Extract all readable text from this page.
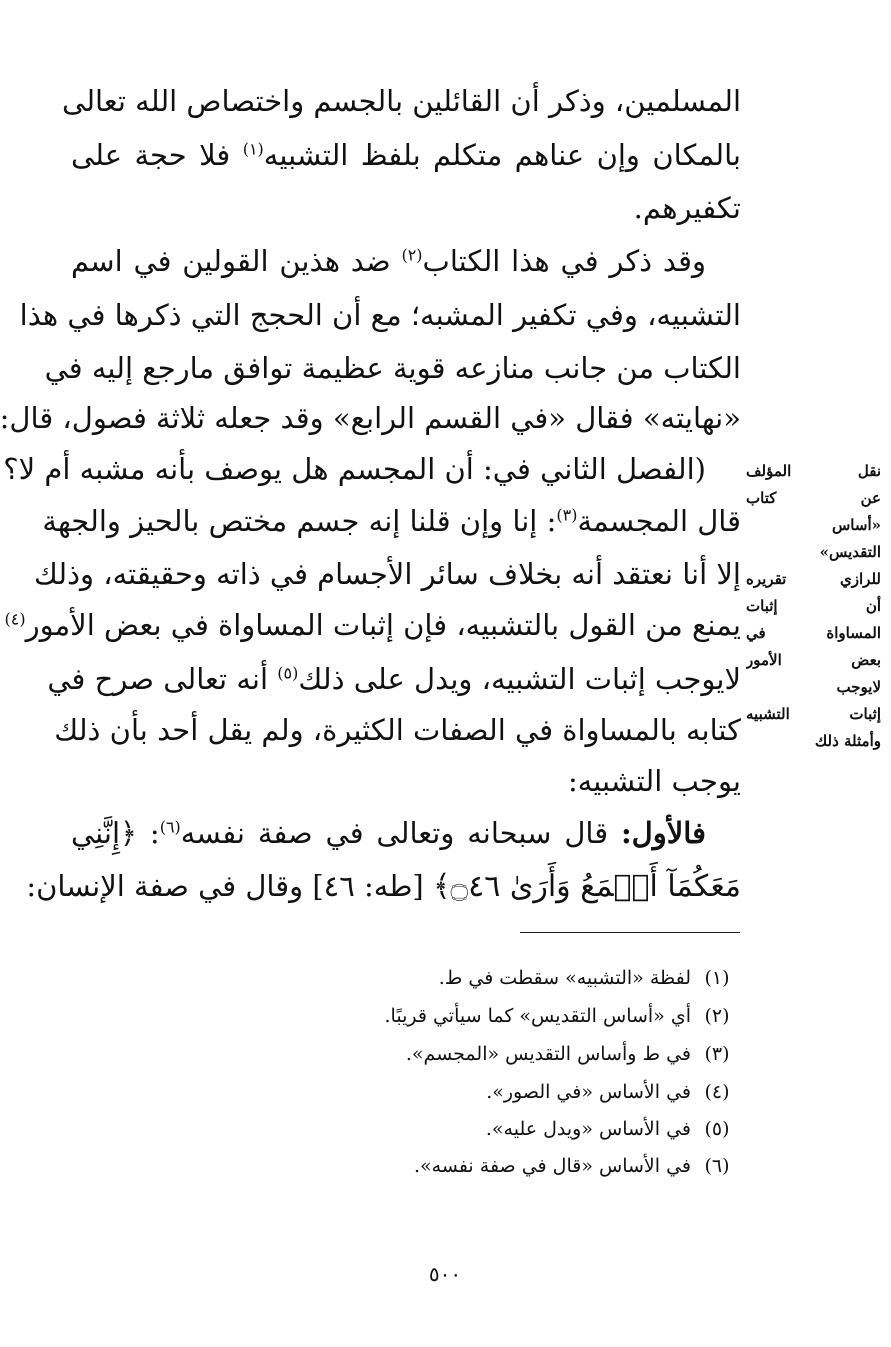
المسلمين، وذكر أن القائلين بالجسم واختصاص الله تعالى
بالمكان وإن عناهم متكلم بلفظ التشبيه$^{(١)}$ فلا حجة على
تكفيرهم.
وقد ذكر في هذا الكتاب$^{(٢)}$ ضد هذين القولين في اسم
التشبيه، وفي تكفير المشبه؛ مع أن الحجج التي ذكرها في هذا
الكتاب من جانب منازعه قوية عظيمة توافق مارجع إليه في
«نهايته» فقال «في القسم الرابع» وقد جعله ثلاثة فصول، قال:
(الفصل الثاني في: أن المجسم هل يوصف بأنه مشبه أم لا؟
قال المجسمة$^{(٣)}$: إنا وإن قلنا إنه جسم مختص بالحيز والجهة
إلا أنا نعتقد أنه بخلاف سائر الأجسام في ذاته وحقيقته، وذلك
يمنع من القول بالتشبيه، فإن إثبات المساواة في بعض الأمور$^{(٤)}$
لايوجب إثبات التشبيه، ويدل على ذلك$^{(٥)}$ أنه تعالى صرح في
كتابه بالمساواة في الصفات الكثيرة، ولم يقل أحد بأن ذلك
يوجب التشبيه:
فالأول: قال سبحانه وتعالى في صفة نفسه$^{(٦)}$: ﴿إِنَّنِي
مَعَكُمَآ أَسۡمَعُ وَأَرَىٰ ۝٤٦﴾ [طه: ٤٦] وقال في صفة الإنسان:
نقل المؤلف
عن كتاب
«أساس
التقديس»
للرازي تقريره
أن إثبات
المساواة في
بعض الأمور
لايوجب
إثبات التشبيه
وأمثلة ذلك
(١)لفظة «التشبيه» سقطت في ط.
(٢)أي «أساس التقديس» كما سيأتي قريبًا.
(٣)في ط وأساس التقديس «المجسم».
(٤)في الأساس «في الصور».
(٥)في الأساس «ويدل عليه».
(٦)في الأساس «قال في صفة نفسه».
٥٠٠
